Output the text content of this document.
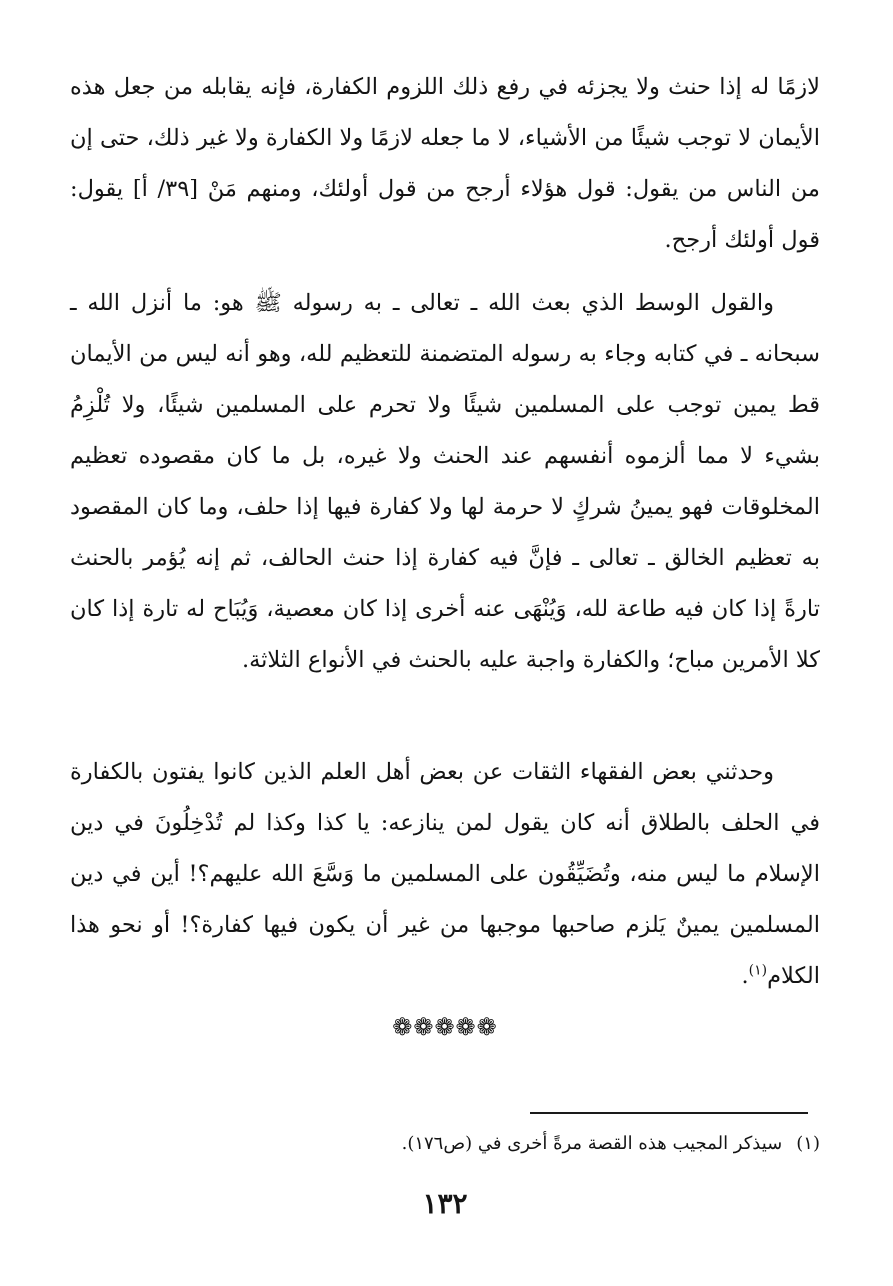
لازمًا له إذا حنث ولا يجزئه في رفع ذلك اللزوم الكفارة، فإنه يقابله من جعل هذه الأيمان لا توجب شيئًا من الأشياء، لا ما جعله لازمًا ولا الكفارة ولا غير ذلك، حتى إن من الناس من يقول: قول هؤلاء أرجح من قول أولئك، ومنهم مَنْ [٣٩/ أ] يقول: قول أولئك أرجح.

والقول الوسط الذي بعث الله ـ تعالى ـ به رسوله ﷺ هو: ما أنزل الله ـ سبحانه ـ في كتابه وجاء به رسوله المتضمنة للتعظيم لله، وهو أنه ليس من الأيمان قط يمين توجب على المسلمين شيئًا ولا تحرم على المسلمين شيئًا، ولا تُلْزِمُ بشيء لا مما ألزموه أنفسهم عند الحنث ولا غيره، بل ما كان مقصوده تعظيم المخلوقات فهو يمينُ شركٍ لا حرمة لها ولا كفارة فيها إذا حلف، وما كان المقصود به تعظيم الخالق ـ تعالى ـ فإنَّ فيه كفارة إذا حنث الحالف، ثم إنه يُؤمر بالحنث تارةً إذا كان فيه طاعة لله، وَيُنْهَى عنه أخرى إذا كان معصية، وَيُبَاح له تارة إذا كان كلا الأمرين مباح؛ والكفارة واجبة عليه بالحنث في الأنواع الثلاثة.

وحدثني بعض الفقهاء الثقات عن بعض أهل العلم الذين كانوا يفتون بالكفارة في الحلف بالطلاق أنه كان يقول لمن ينازعه: يا كذا وكذا لم تُدْخِلُونَ في دين الإسلام ما ليس منه، وتُضَيِّقُون على المسلمين ما وَسَّعَ الله عليهم؟! أين في دين المسلمين يمينٌ يَلزم صاحبها موجبها من غير أن يكون فيها كفارة؟! أو نحو هذا الكلام$^{(١)}$.

❁❁❁❁❁
(١)سيذكر المجيب هذه القصة مرةً أخرى في (ص١٧٦).
١٣٢
